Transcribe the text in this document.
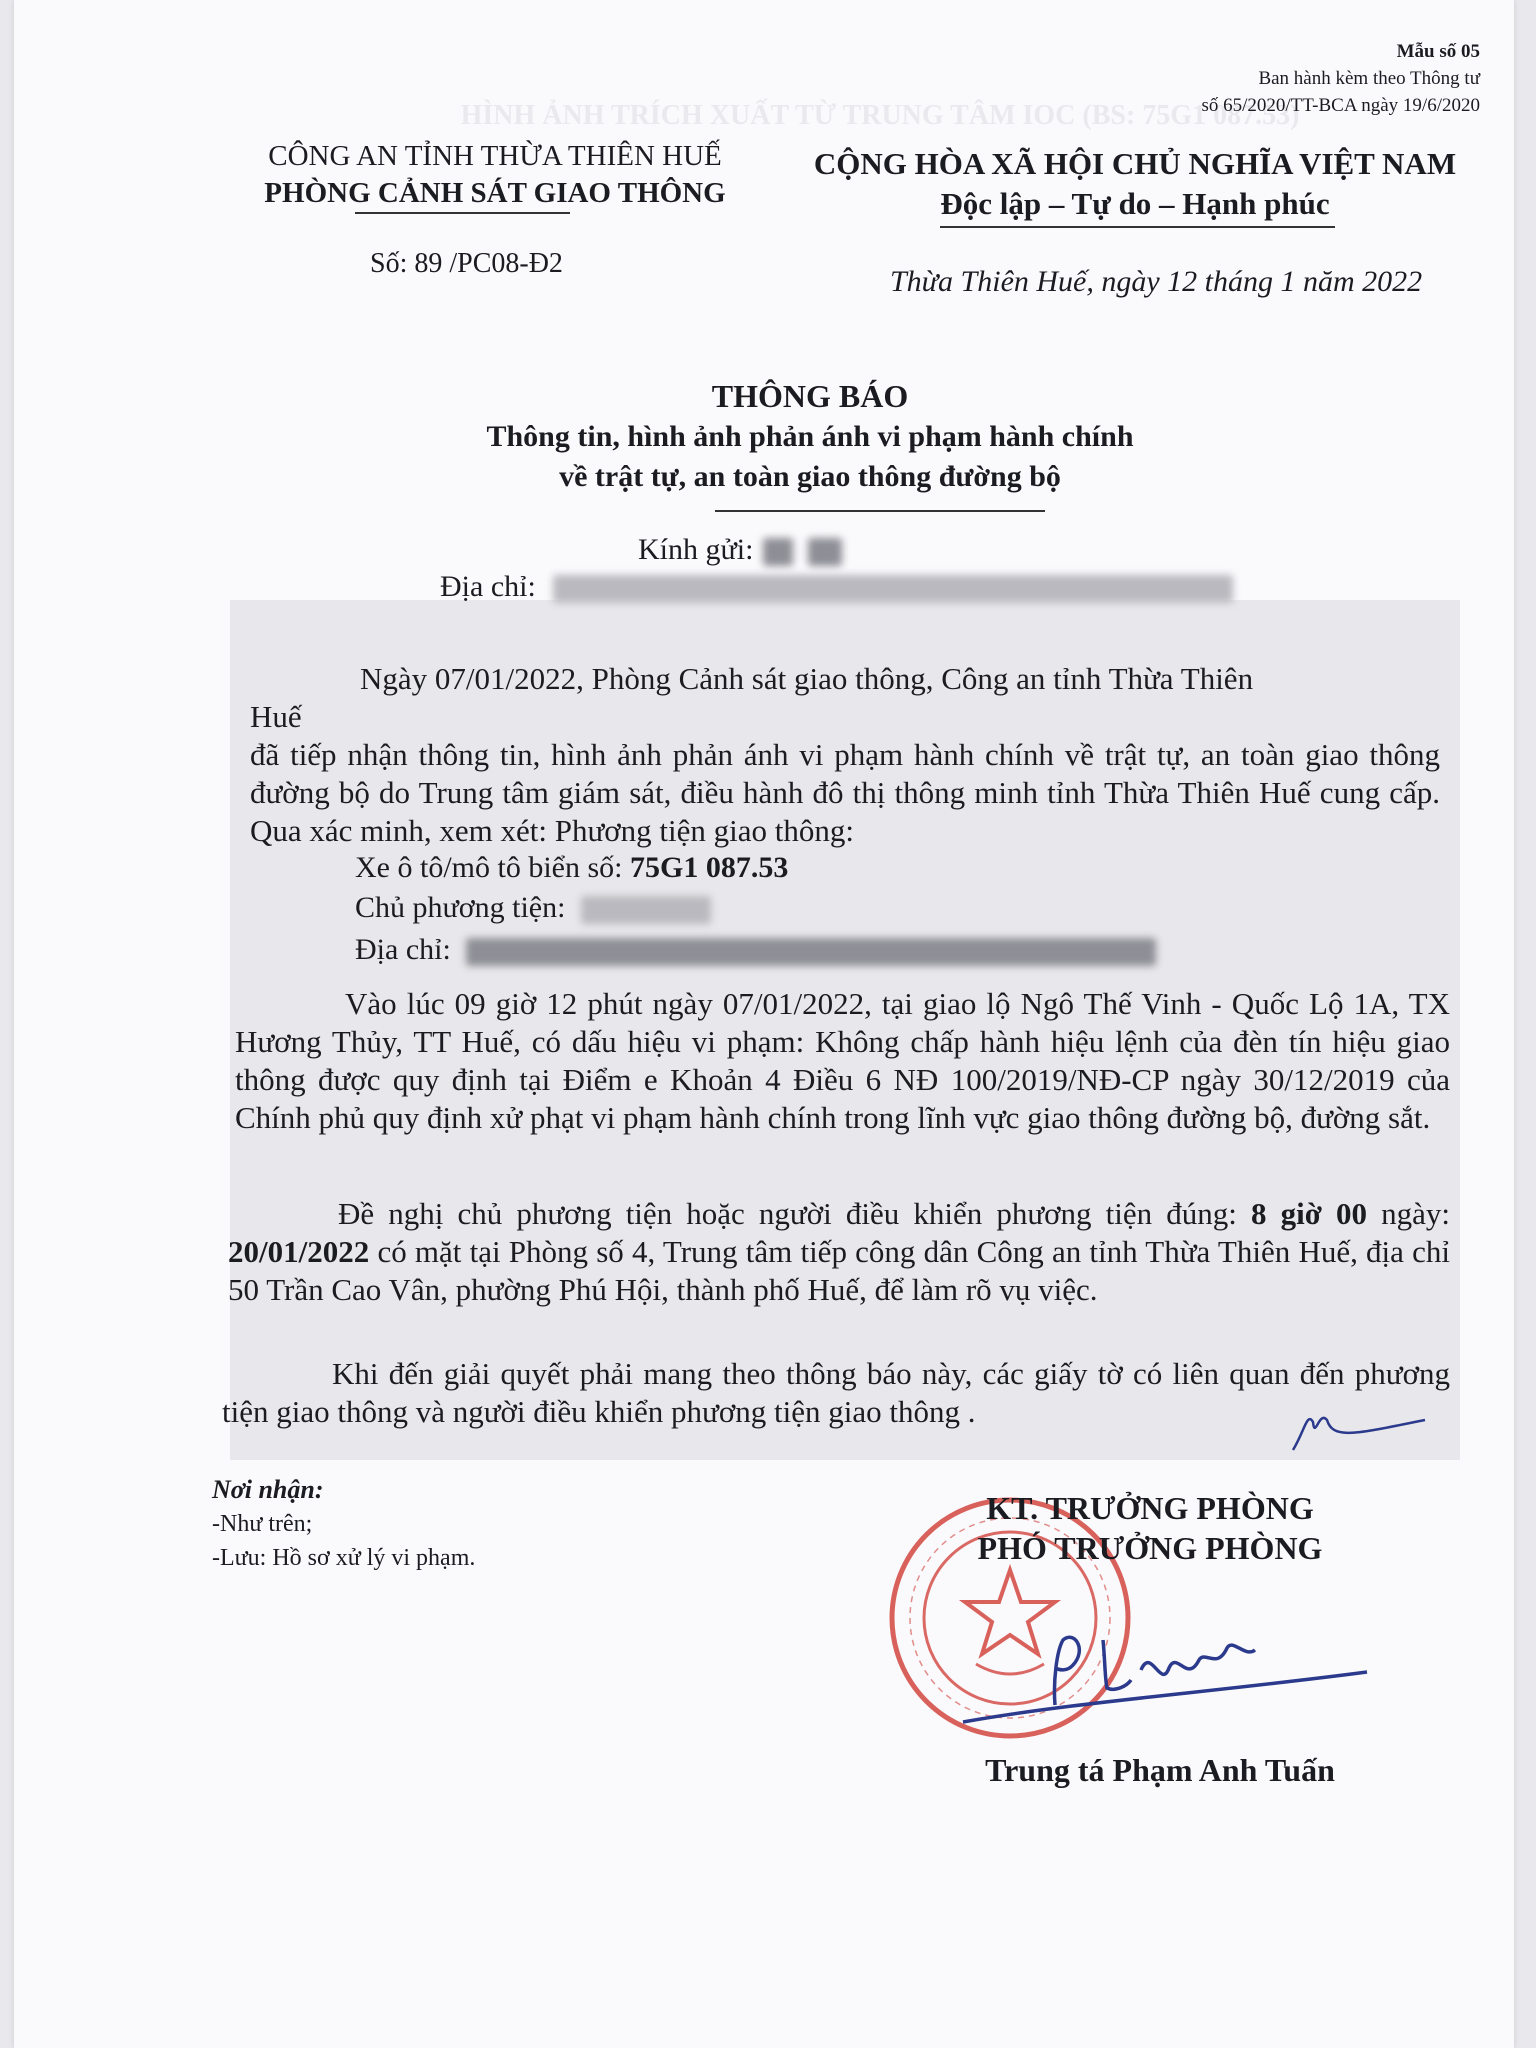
HÌNH ẢNH TRÍCH XUẤT TỪ TRUNG TÂM IOC (BS: 75G1 087.53)
Mẫu số 05
Ban hành kèm theo Thông tư
số 65/2020/TT-BCA ngày 19/6/2020
CÔNG AN TỈNH THỪA THIÊN HUẾ
PHÒNG CẢNH SÁT GIAO THÔNG
CỘNG HÒA XÃ HỘI CHỦ NGHĨA VIỆT NAM
Độc lập – Tự do – Hạnh phúc
Số: 89 /PC08-Đ2
Thừa Thiên Huế, ngày 12 tháng 1 năm 2022
THÔNG BÁO
Thông tin, hình ảnh phản ánh vi phạm hành chính
về trật tự, an toàn giao thông đường bộ
Kính gửi:
Địa chỉ:
Ngày 07/01/2022, Phòng Cảnh sát giao thông, Công an tỉnh Thừa Thiên
Huế
đã tiếp nhận thông tin, hình ảnh phản ánh vi phạm hành chính về trật tự, an toàn giao thông đường bộ do Trung tâm giám sát, điều hành đô thị thông minh tỉnh Thừa Thiên Huế cung cấp. Qua xác minh, xem xét: Phương tiện giao thông:
Xe ô tô/mô tô biển số: 75G1 087.53
Chủ phương tiện:
Địa chỉ:
Vào lúc 09 giờ 12 phút ngày 07/01/2022, tại giao lộ Ngô Thế Vinh - Quốc Lộ 1A, TX Hương Thủy, TT Huế, có dấu hiệu vi phạm: Không chấp hành hiệu lệnh của đèn tín hiệu giao thông được quy định tại Điểm e Khoản 4 Điều 6 NĐ 100/2019/NĐ-CP ngày 30/12/2019 của Chính phủ quy định xử phạt vi phạm hành chính trong lĩnh vực giao thông đường bộ, đường sắt.
Đề nghị chủ phương tiện hoặc người điều khiển phương tiện đúng: 8 giờ 00 ngày: 20/01/2022 có mặt tại Phòng số 4, Trung tâm tiếp công dân Công an tỉnh Thừa Thiên Huế, địa chỉ 50 Trần Cao Vân, phường Phú Hội, thành phố Huế, để làm rõ vụ việc.
Khi đến giải quyết phải mang theo thông báo này, các giấy tờ có liên quan đến phương tiện giao thông và người điều khiển phương tiện giao thông .
Nơi nhận:
-Như trên;
-Lưu: Hồ sơ xử lý vi phạm.
KT. TRƯỞNG PHÒNG
PHÓ TRƯỞNG PHÒNG
Trung tá Phạm Anh Tuấn
